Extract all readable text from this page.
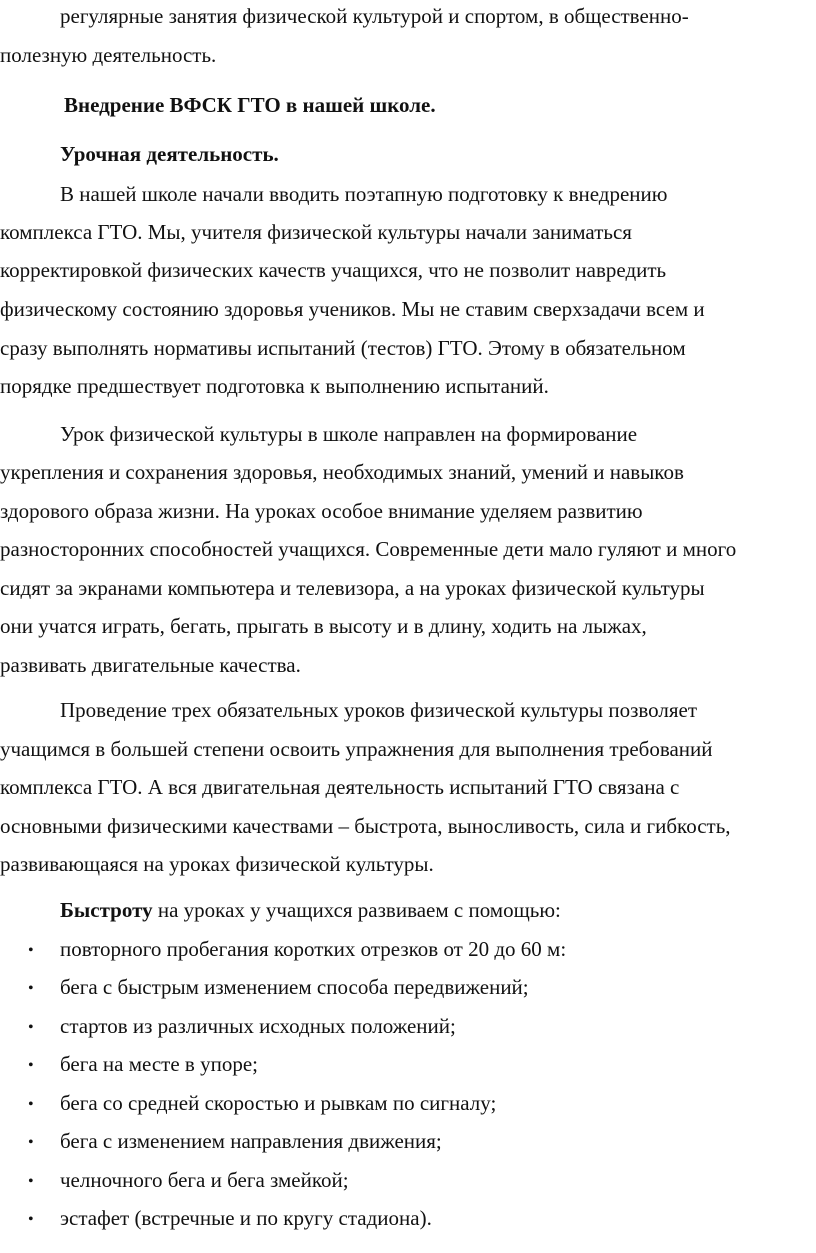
регулярные занятия физической культурой и спортом, в общественно-
полезную деятельность.
Внедрение ВФСК ГТО в нашей школе.
Урочная деятельность.
В нашей школе начали вводить поэтапную подготовку к внедрению
комплекса ГТО. Мы, учителя физической культуры начали заниматься
корректировкой физических качеств учащихся, что не позволит навредить
физическому состоянию здоровья учеников. Мы не ставим сверхзадачи всем и
сразу выполнять нормативы испытаний (тестов) ГТО. Этому в обязательном
порядке предшествует подготовка к выполнению испытаний.
Урок физической культуры в школе направлен на формирование
укрепления и сохранения здоровья, необходимых знаний, умений и навыков
здорового образа жизни. На уроках особое внимание уделяем развитию
разносторонних способностей учащихся. Современные дети мало гуляют и много
сидят за экранами компьютера и телевизора, а на уроках физической культуры
они учатся играть, бегать, прыгать в высоту и в длину, ходить на лыжах,
развивать двигательные качества.
Проведение трех обязательных уроков физической культуры позволяет
учащимся в большей степени освоить упражнения для выполнения требований
комплекса ГТО. А вся двигательная деятельность испытаний ГТО связана с
основными физическими качествами – быстрота, выносливость, сила и гибкость,
развивающаяся на уроках физической культуры.
Быстроту на уроках у учащихся развиваем с помощью:
• повторного пробегания коротких отрезков от 20 до 60 м:
• бега с быстрым изменением способа передвижений;
• стартов из различных исходных положений;
• бега на месте в упоре;
• бега со средней скоростью и рывкам по сигналу;
• бега с изменением направления движения;
• челночного бега и бега змейкой;
• эстафет (встречные и по кругу стадиона).
